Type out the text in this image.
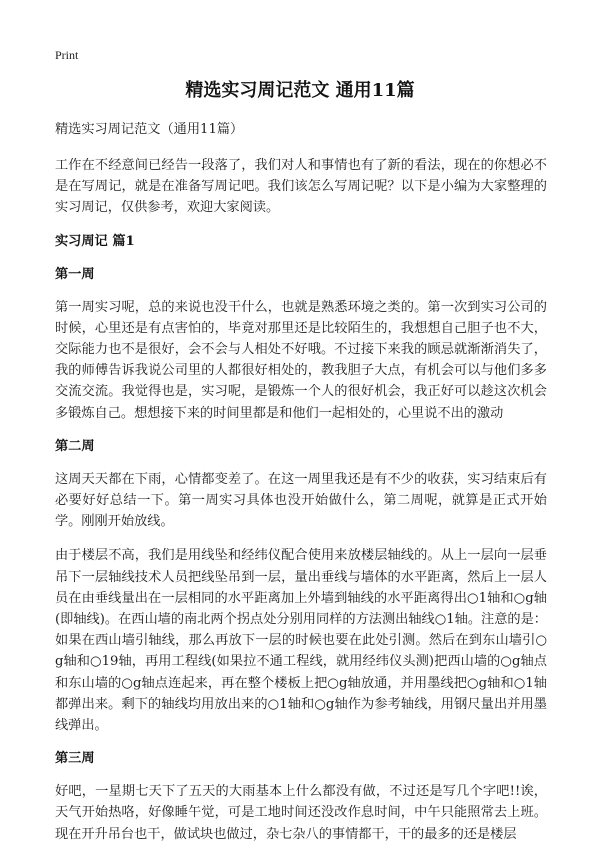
Print
精选实习周记范文 通用11篇

精选实习周记范文（通用11篇）

工作在不经意间已经告一段落了，我们对人和事情也有了新的看法，现在的你想必不是在写周记，就是在准备写周记吧。我们该怎么写周记呢？以下是小编为大家整理的实习周记，仅供参考，欢迎大家阅读。

实习周记 篇1
第一周

第一周实习呢，总的来说也没干什么，也就是熟悉环境之类的。第一次到实习公司的时候，心里还是有点害怕的，毕竟对那里还是比较陌生的，我想想自己胆子也不大，交际能力也不是很好，会不会与人相处不好哦。不过接下来我的顾忌就渐渐消失了，我的师傅告诉我说公司里的人都很好相处的，教我胆子大点，有机会可以与他们多多交流交流。我觉得也是，实习呢，是锻炼一个人的很好机会，我正好可以趁这次机会多锻炼自己。想想接下来的时间里都是和他们一起相处的，心里说不出的激动

第二周

这周天天都在下雨，心情都变差了。在这一周里我还是有不少的收获，实习结束后有必要好好总结一下。第一周实习具体也没开始做什么，第二周呢，就算是正式开始学。刚刚开始放线。

由于楼层不高，我们是用线坠和经纬仪配合使用来放楼层轴线的。从上一层向一层垂吊下一层轴线技术人员把线坠吊到一层，量出垂线与墙体的水平距离，然后上一层人员在由垂线量出在一层相同的水平距离加上外墙到轴线的水平距离得出○1轴和○g轴(即轴线)。在西山墙的南北两个拐点处分别用同样的方法测出轴线○1轴。注意的是：如果在西山墙引轴线，那么再放下一层的时候也要在此处引测。然后在到东山墙引○g轴和○19轴，再用工程线(如果拉不通工程线，就用经纬仪头测)把西山墙的○g轴点和东山墙的○g轴点连起来，再在整个楼板上把○g轴放通，并用墨线把○g轴和○1轴都弹出来。剩下的轴线均用放出来的○1轴和○g轴作为参考轴线，用钢尺量出并用墨线弹出。

第三周

好吧，一星期七天下了五天的大雨基本上什么都没有做，不过还是写几个字吧!!诶，天气开始热咯，好像睡午觉，可是工地时间还没改作息时间，中午只能照常去上班。现在开升吊台也干，做试块也做过，杂七杂八的事情都干，干的最多的还是楼层
